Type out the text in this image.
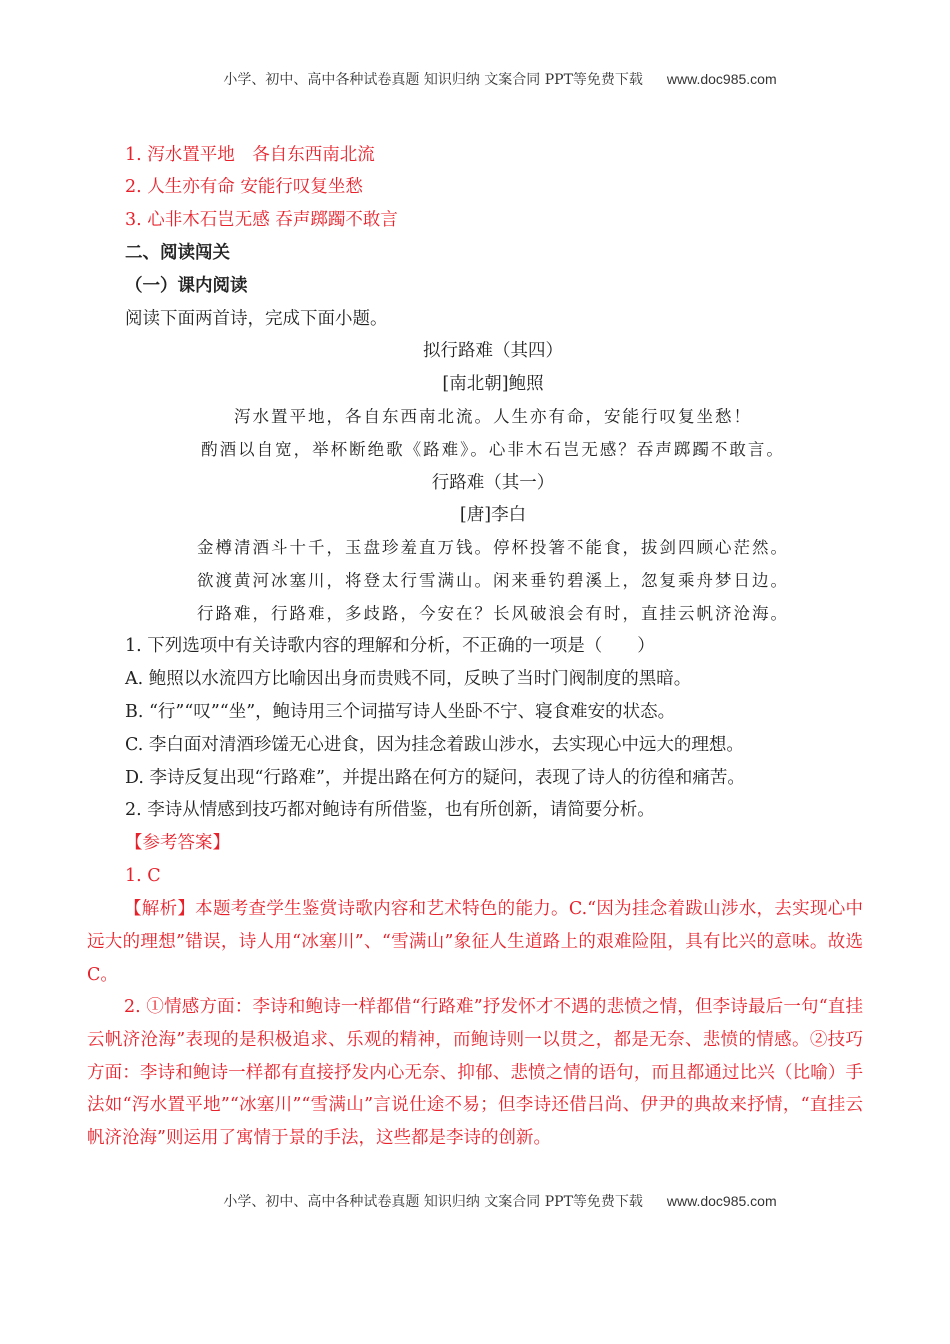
小学、初中、高中各种试卷真题 知识归纳 文案合同 PPT等免费下载 www.doc985.com
1. 泻水置平地　各自东西南北流
2. 人生亦有命 安能行叹复坐愁
3. 心非木石岂无感 吞声踯躅不敢言
二、阅读闯关
（一）课内阅读
阅读下面两首诗，完成下面小题。
拟行路难（其四）
[南北朝]鲍照
泻水置平地，各自东西南北流。人生亦有命，安能行叹复坐愁！
酌酒以自宽，举杯断绝歌《路难》。心非木石岂无感？吞声踯躅不敢言。
行路难（其一）
[唐]李白
金樽清酒斗十千，玉盘珍羞直万钱。停杯投箸不能食，拔剑四顾心茫然。
欲渡黄河冰塞川，将登太行雪满山。闲来垂钓碧溪上，忽复乘舟梦日边。
行路难，行路难，多歧路，今安在？长风破浪会有时，直挂云帆济沧海。
1. 下列选项中有关诗歌内容的理解和分析，不正确的一项是（　　）
A. 鲍照以水流四方比喻因出身而贵贱不同，反映了当时门阀制度的黑暗。
B. “行”“叹”“坐”，鲍诗用三个词描写诗人坐卧不宁、寝食难安的状态。
C. 李白面对清酒珍馐无心进食，因为挂念着跋山涉水，去实现心中远大的理想。
D. 李诗反复出现“行路难”，并提出路在何方的疑问，表现了诗人的彷徨和痛苦。
2. 李诗从情感到技巧都对鲍诗有所借鉴，也有所创新，请简要分析。
【参考答案】
1. C
【解析】本题考查学生鉴赏诗歌内容和艺术特色的能力。C.“因为挂念着跋山涉水，去实现心中远大的理想”错误，诗人用“冰塞川”、“雪满山”象征人生道路上的艰难险阻，具有比兴的意味。故选C。
2. ①情感方面：李诗和鲍诗一样都借“行路难”抒发怀才不遇的悲愤之情，但李诗最后一句“直挂云帆济沧海”表现的是积极追求、乐观的精神，而鲍诗则一以贯之，都是无奈、悲愤的情感。②技巧方面：李诗和鲍诗一样都有直接抒发内心无奈、抑郁、悲愤之情的语句，而且都通过比兴（比喻）手法如“泻水置平地”“冰塞川”“雪满山”言说仕途不易；但李诗还借吕尚、伊尹的典故来抒情，“直挂云帆济沧海”则运用了寓情于景的手法，这些都是李诗的创新。
小学、初中、高中各种试卷真题 知识归纳 文案合同 PPT等免费下载 www.doc985.com
